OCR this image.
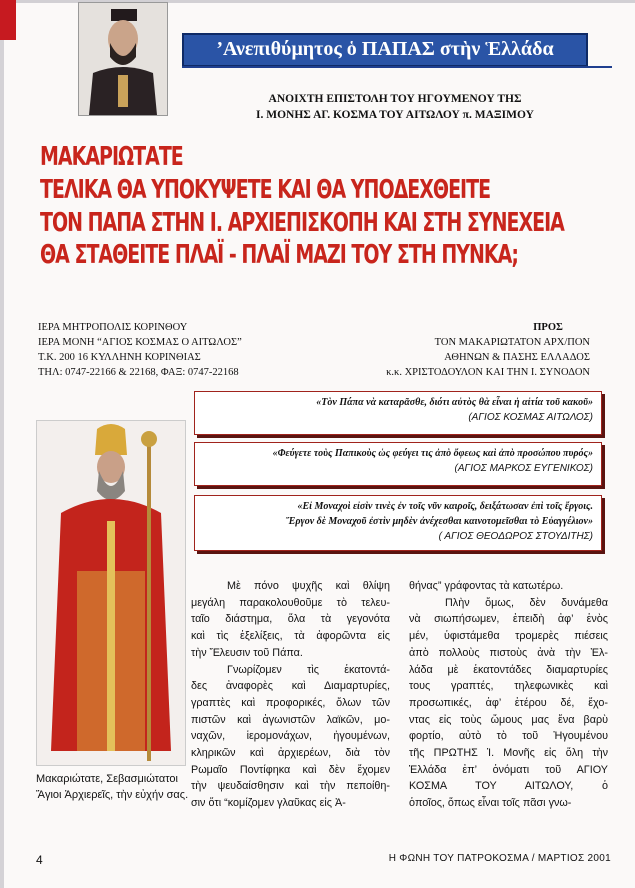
’Ανεπιθύμητος ὁ ΠΑΠΑΣ στὴν Ἑλλάδα
ΑΝΟΙΧΤΗ ΕΠΙΣΤΟΛΗ ΤΟΥ ΗΓΟΥΜΕΝΟΥ ΤΗΣ
Ι. ΜΟΝΗΣ ΑΓ. ΚΟΣΜΑ ΤΟΥ ΑΙΤΩΛΟΥ π. ΜΑΞΙΜΟΥ
ΜΑΚΑΡΙΩΤΑΤΕ
ΤΕΛΙΚΑ ΘΑ ΥΠΟΚΥΨΕΤΕ ΚΑΙ ΘΑ ΥΠΟΔΕΧΘΕΙΤΕ
ΤΟΝ ΠΑΠΑ ΣΤΗΝ Ι. ΑΡΧΙΕΠΙΣΚΟΠΗ ΚΑΙ ΣΤΗ ΣΥΝΕΧΕΙΑ
ΘΑ ΣΤΑΘΕΙΤΕ ΠΛΑΪ - ΠΛΑΪ ΜΑΖΙ ΤΟΥ ΣΤΗ ΠΥΝΚΑ;
ΙΕΡΑ ΜΗΤΡΟΠΟΛΙΣ ΚΟΡΙΝΘΟΥ
ΙΕΡΑ ΜΟΝΗ “ΑΓΙΟΣ ΚΟΣΜΑΣ Ο ΑΙΤΩΛΟΣ”
Τ.Κ. 200 16 ΚΥΛΛΗΝΗ ΚΟΡΙΝΘΙΑΣ
ΤΗΛ: 0747-22166 & 22168, ΦΑΞ: 0747-22168
ΠΡΟΣ
ΤΟΝ ΜΑΚΑΡΙΩΤΑΤΟΝ ΑΡΧ/ΠΟΝ
ΑΘΗΝΩΝ & ΠΑΣΗΣ ΕΛΛΑΔΟΣ
κ.κ. ΧΡΙΣΤΟΔΟΥΛΟΝ ΚΑΙ ΤΗΝ Ι. ΣΥΝΟΔΟΝ
«Τὸν Πάπα νὰ καταρᾶσθε, διότι αὐτὸς θὰ εἶναι ἡ αἰτία τοῦ κακοῦ»
(ΑΓΙΟΣ ΚΟΣΜΑΣ ΑΙΤΩΛΟΣ)
«Φεύγετε τοὺς Παπικοὺς ὡς φεύγει τις ἀπὸ ὄφεως καὶ ἀπὸ προσώπου πυρός»
(ΑΓΙΟΣ ΜΑΡΚΟΣ ΕΥΓΕΝΙΚΟΣ)
«Εἰ Μοναχοὶ εἰσὶν τινὲς ἐν τοῖς νῦν καιροῖς, δειξάτωσαν ἐπὶ τοῖς ἔργοις.
Ἔργον δὲ Μοναχοῦ ἐστὶν μηδὲν ἀνέχεσθαι καινοτομεῖσθαι τὸ Εὐαγγέλιον»
( ΑΓΙΟΣ ΘΕΟΔΩΡΟΣ ΣΤΟΥΔΙΤΗΣ)
Μακαριώτατε, Σεβασμιώτατοι
Ἅγιοι Ἀρχιερεῖς, τὴν εὐχήν σας.
Μὲ πόνο ψυχῆς καὶ θλίψη
μεγάλη παρακολουθοῦμε τὸ τελευ-
ταῖο διάστημα, ὅλα τὰ γεγονότα
καὶ τὶς ἐξελίξεις, τὰ ἀφορῶντα εἰς
τὴν Ἔλευσιν τοῦ Πάπα.
Γνωρίζομεν τὶς ἑκατοντά-
δες ἀναφορὲς καὶ Διαμαρτυρίες,
γραπτὲς καὶ προφορικές, ὅλων τῶν
πιστῶν καὶ ἀγωνιστῶν λαϊκῶν, μο-
ναχῶν, ἱερομονάχων, ἡγουμένων,
κληρικῶν καὶ ἀρχιερέων, διὰ τὸν
Ρωμαῖο Ποντίφηκα καὶ δὲν ἔχομεν
τὴν ψευδαίσθησιν καὶ τὴν πεποίθη-
σιν ὅτι “κομίζομεν γλαῦκας εἰς Ἀ-
θήνας” γράφοντας τὰ κατωτέρω.
Πλὴν ὅμως, δὲν δυνάμεθα
νὰ σιωπήσωμεν, ἐπειδὴ ἀφ’ ἑνὸς
μέν, ὑφιστάμεθα τρομερὲς πιέσεις
ἀπὸ πολλοὺς πιστοὺς ἀνὰ τὴν Ἑλ-
λάδα μὲ ἑκατοντάδες διαμαρτυρίες
τους γραπτές, τηλεφωνικὲς καὶ
προσωπικές, ἀφ’ ἑτέρου δέ, ἔχο-
ντας εἰς τοὺς ὤμους μας ἕνα βαρὺ
φορτίο, αὐτὸ τὸ τοῦ Ἡγουμένου
τῆς ΠΡΩΤΗΣ Ἱ. Μονῆς εἰς ὅλη τὴν
Ἑλλάδα ἐπ’ ὀνόματι τοῦ ΑΓΙΟΥ
ΚΟΣΜΑ ΤΟΥ ΑΙΤΩΛΟΥ, ὁ
ὁποῖος, ὅπως εἶναι τοῖς πᾶσι γνω-
4	Η ΦΩΝΗ ΤΟΥ ΠΑΤΡΟΚΟΣΜΑ / ΜΑΡΤΙΟΣ 2001
